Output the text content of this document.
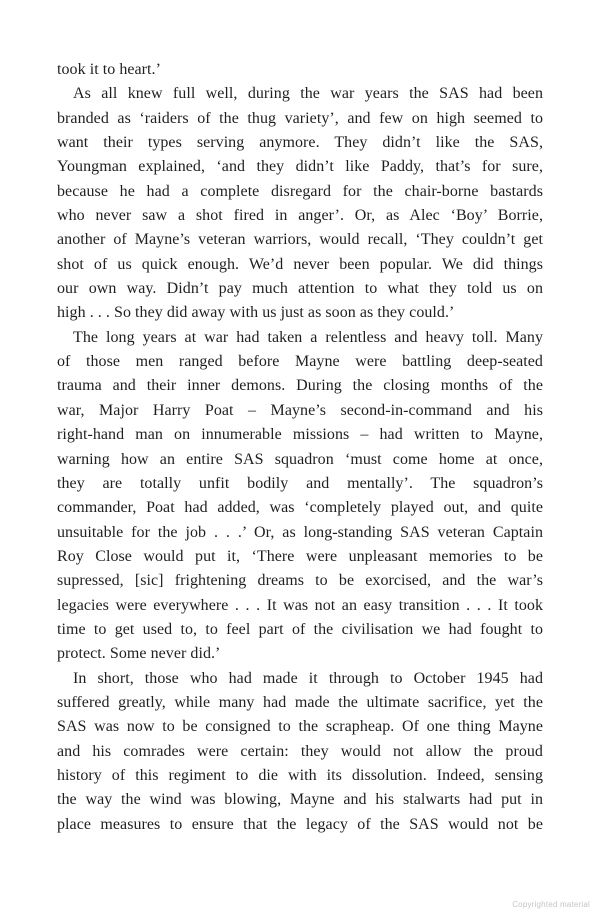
took it to heart.’
As all knew full well, during the war years the SAS had been
branded as ‘raiders of the thug variety’, and few on high seemed to
want their types serving anymore. They didn’t like the SAS,
Youngman explained, ‘and they didn’t like Paddy, that’s for sure,
because he had a complete disregard for the chair-borne bastards
who never saw a shot fired in anger’. Or, as Alec ‘Boy’ Borrie,
another of Mayne’s veteran warriors, would recall, ‘They couldn’t get
shot of us quick enough. We’d never been popular. We did things
our own way. Didn’t pay much attention to what they told us on
high . . . So they did away with us just as soon as they could.’
The long years at war had taken a relentless and heavy toll. Many
of those men ranged before Mayne were battling deep-seated
trauma and their inner demons. During the closing months of the
war, Major Harry Poat – Mayne’s second-in-command and his
right-hand man on innumerable missions – had written to Mayne,
warning how an entire SAS squadron ‘must come home at once,
they are totally unfit bodily and mentally’. The squadron’s
commander, Poat had added, was ‘completely played out, and quite
unsuitable for the job . . .’ Or, as long-standing SAS veteran Captain
Roy Close would put it, ‘There were unpleasant memories to be
supressed, [sic] frightening dreams to be exorcised, and the war’s
legacies were everywhere . . . It was not an easy transition . . . It took
time to get used to, to feel part of the civilisation we had fought to
protect. Some never did.’
In short, those who had made it through to October 1945 had
suffered greatly, while many had made the ultimate sacrifice, yet the
SAS was now to be consigned to the scrapheap. Of one thing Mayne
and his comrades were certain: they would not allow the proud
history of this regiment to die with its dissolution. Indeed, sensing
the way the wind was blowing, Mayne and his stalwarts had put in
place measures to ensure that the legacy of the SAS would not be
Copyrighted material
